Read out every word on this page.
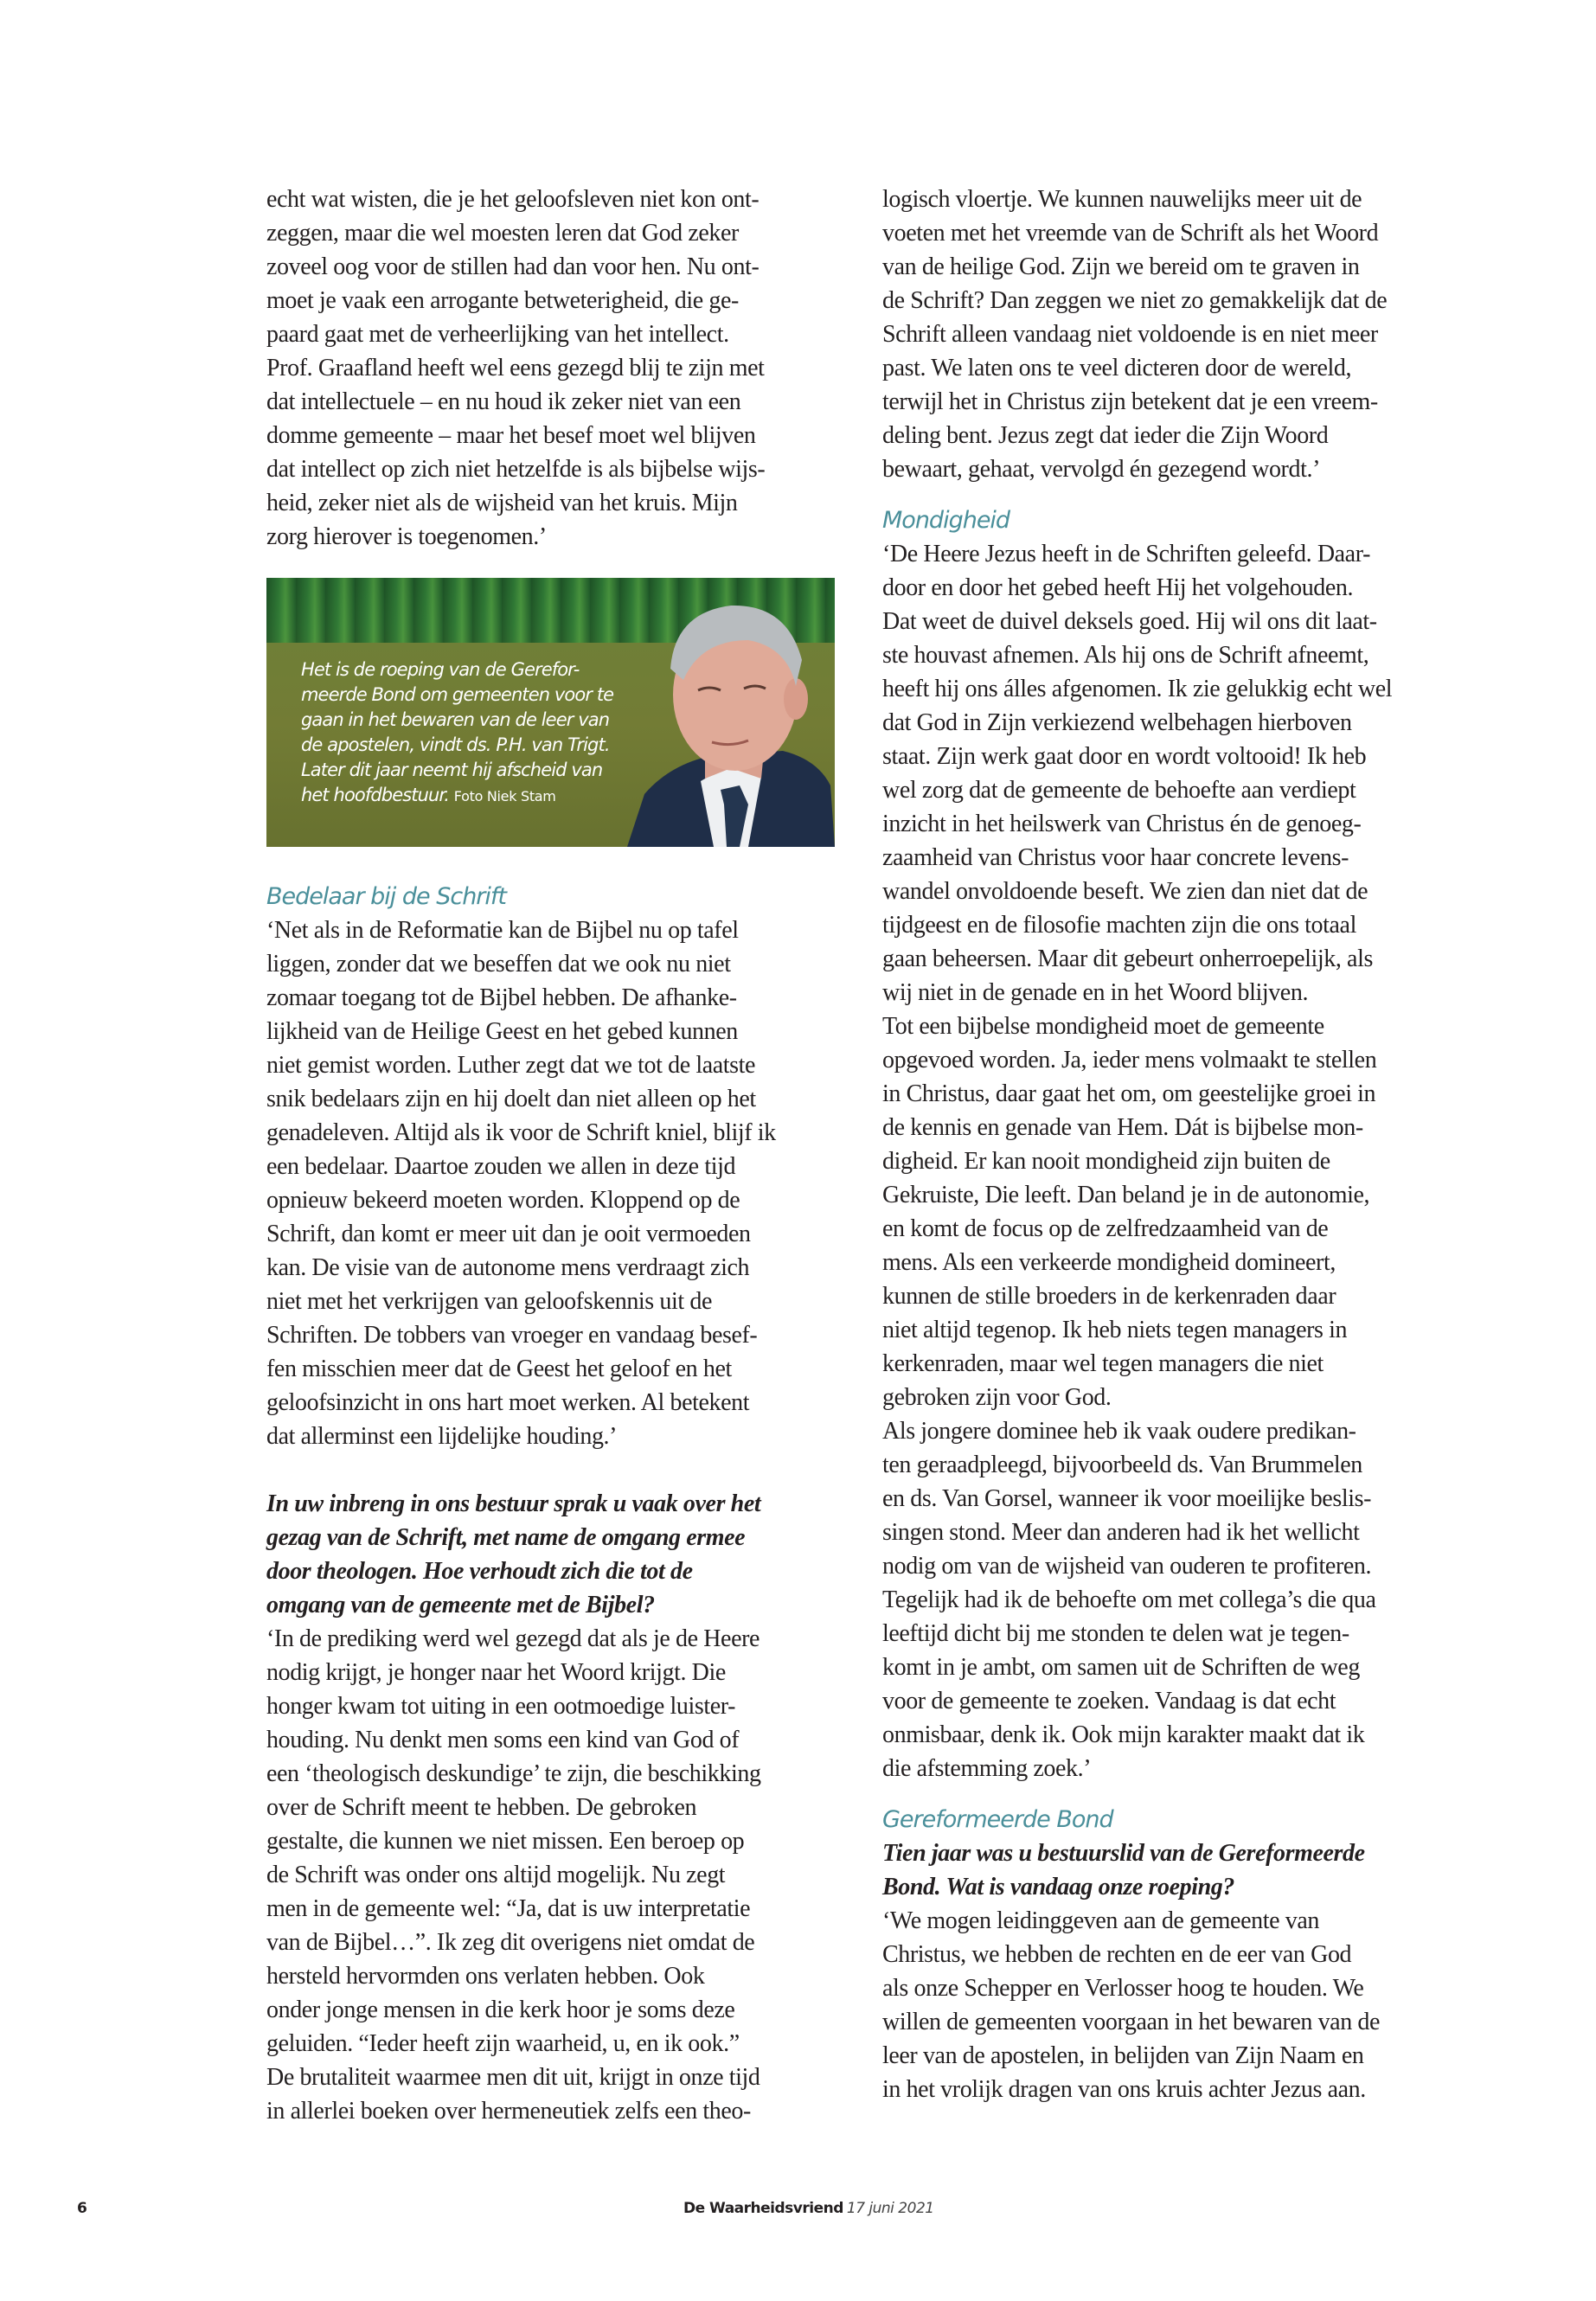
echt wat wisten, die je het geloofsleven niet kon ont-
zeggen, maar die wel moesten leren dat God zeker
zoveel oog voor de stillen had dan voor hen. Nu ont-
moet je vaak een arrogante betweterigheid, die ge-
paard gaat met de verheerlijking van het intellect.
Prof. Graafland heeft wel eens gezegd blij te zijn met
dat intellectuele – en nu houd ik zeker niet van een
domme gemeente – maar het besef moet wel blijven
dat intellect op zich niet hetzelfde is als bijbelse wijs-
heid, zeker niet als de wijsheid van het kruis. Mijn
zorg hierover is toegenomen.’
Het is de roeping van de Gerefor-
meerde Bond om gemeenten voor te
gaan in het bewaren van de leer van
de apostelen, vindt ds. P.H. van Trigt.
Later dit jaar neemt hij afscheid van
het hoofdbestuur. Foto Niek Stam
Bedelaar bij de Schrift
‘Net als in de Reformatie kan de Bijbel nu op tafel
liggen, zonder dat we beseffen dat we ook nu niet
zomaar toegang tot de Bijbel hebben. De afhanke-
lijkheid van de Heilige Geest en het gebed kunnen
niet gemist worden. Luther zegt dat we tot de laatste
snik bedelaars zijn en hij doelt dan niet alleen op het
genadeleven. Altijd als ik voor de Schrift kniel, blijf ik
een bedelaar. Daartoe zouden we allen in deze tijd
opnieuw bekeerd moeten worden. Kloppend op de
Schrift, dan komt er meer uit dan je ooit vermoeden
kan. De visie van de autonome mens verdraagt zich
niet met het verkrijgen van geloofskennis uit de
Schriften. De tobbers van vroeger en vandaag besef-
fen misschien meer dat de Geest het geloof en het
geloofsinzicht in ons hart moet werken. Al betekent
dat allerminst een lijdelijke houding.’
In uw inbreng in ons bestuur sprak u vaak over het
gezag van de Schrift, met name de omgang ermee
door theologen. Hoe verhoudt zich die tot de
omgang van de gemeente met de Bijbel?
‘In de prediking werd wel gezegd dat als je de Heere
nodig krijgt, je honger naar het Woord krijgt. Die
honger kwam tot uiting in een ootmoedige luister-
houding. Nu denkt men soms een kind van God of
een ‘theologisch deskundige’ te zijn, die beschikking
over de Schrift meent te hebben. De gebroken
gestalte, die kunnen we niet missen. Een beroep op
de Schrift was onder ons altijd mogelijk. Nu zegt
men in de gemeente wel: “Ja, dat is uw interpretatie
van de Bijbel…”. Ik zeg dit overigens niet omdat de
hersteld hervormden ons verlaten hebben. Ook
onder jonge mensen in die kerk hoor je soms deze
geluiden. “Ieder heeft zijn waarheid, u, en ik ook.”
De brutaliteit waarmee men dit uit, krijgt in onze tijd
in allerlei boeken over hermeneutiek zelfs een theo-
logisch vloertje. We kunnen nauwelijks meer uit de
voeten met het vreemde van de Schrift als het Woord
van de heilige God. Zijn we bereid om te graven in
de Schrift? Dan zeggen we niet zo gemakkelijk dat de
Schrift alleen vandaag niet voldoende is en niet meer
past. We laten ons te veel dicteren door de wereld,
terwijl het in Christus zijn betekent dat je een vreem-
deling bent. Jezus zegt dat ieder die Zijn Woord
bewaart, gehaat, vervolgd én gezegend wordt.’
Mondigheid
‘De Heere Jezus heeft in de Schriften geleefd. Daar-
door en door het gebed heeft Hij het volgehouden.
Dat weet de duivel deksels goed. Hij wil ons dit laat-
ste houvast afnemen. Als hij ons de Schrift afneemt,
heeft hij ons álles afgenomen. Ik zie gelukkig echt wel
dat God in Zijn verkiezend welbehagen hierboven
staat. Zijn werk gaat door en wordt voltooid! Ik heb
wel zorg dat de gemeente de behoefte aan verdiept
inzicht in het heilswerk van Christus én de genoeg-
zaamheid van Christus voor haar concrete levens-
wandel onvoldoende beseft. We zien dan niet dat de
tijdgeest en de filosofie machten zijn die ons totaal
gaan beheersen. Maar dit gebeurt onherroepelijk, als
wij niet in de genade en in het Woord blijven.
Tot een bijbelse mondigheid moet de gemeente
opgevoed worden. Ja, ieder mens volmaakt te stellen
in Christus, daar gaat het om, om geestelijke groei in
de kennis en genade van Hem. Dát is bijbelse mon-
digheid. Er kan nooit mondigheid zijn buiten de
Gekruiste, Die leeft. Dan beland je in de autonomie,
en komt de focus op de zelfredzaamheid van de
mens. Als een verkeerde mondigheid domineert,
kunnen de stille broeders in de kerkenraden daar
niet altijd tegenop. Ik heb niets tegen managers in
kerkenraden, maar wel tegen managers die niet
gebroken zijn voor God.
Als jongere dominee heb ik vaak oudere predikan-
ten geraadpleegd, bijvoorbeeld ds. Van Brummelen
en ds. Van Gorsel, wanneer ik voor moeilijke beslis-
singen stond. Meer dan anderen had ik het wellicht
nodig om van de wijsheid van ouderen te profiteren.
Tegelijk had ik de behoefte om met collega’s die qua
leeftijd dicht bij me stonden te delen wat je tegen-
komt in je ambt, om samen uit de Schriften de weg
voor de gemeente te zoeken. Vandaag is dat echt
onmisbaar, denk ik. Ook mijn karakter maakt dat ik
die afstemming zoek.’
Gereformeerde Bond
Tien jaar was u bestuurslid van de Gereformeerde
Bond. Wat is vandaag onze roeping?
‘We mogen leidinggeven aan de gemeente van
Christus, we hebben de rechten en de eer van God
als onze Schepper en Verlosser hoog te houden. We
willen de gemeenten voorgaan in het bewaren van de
leer van de apostelen, in belijden van Zijn Naam en
in het vrolijk dragen van ons kruis achter Jezus aan.
6	De Waarheidsvriend 17 juni 2021
